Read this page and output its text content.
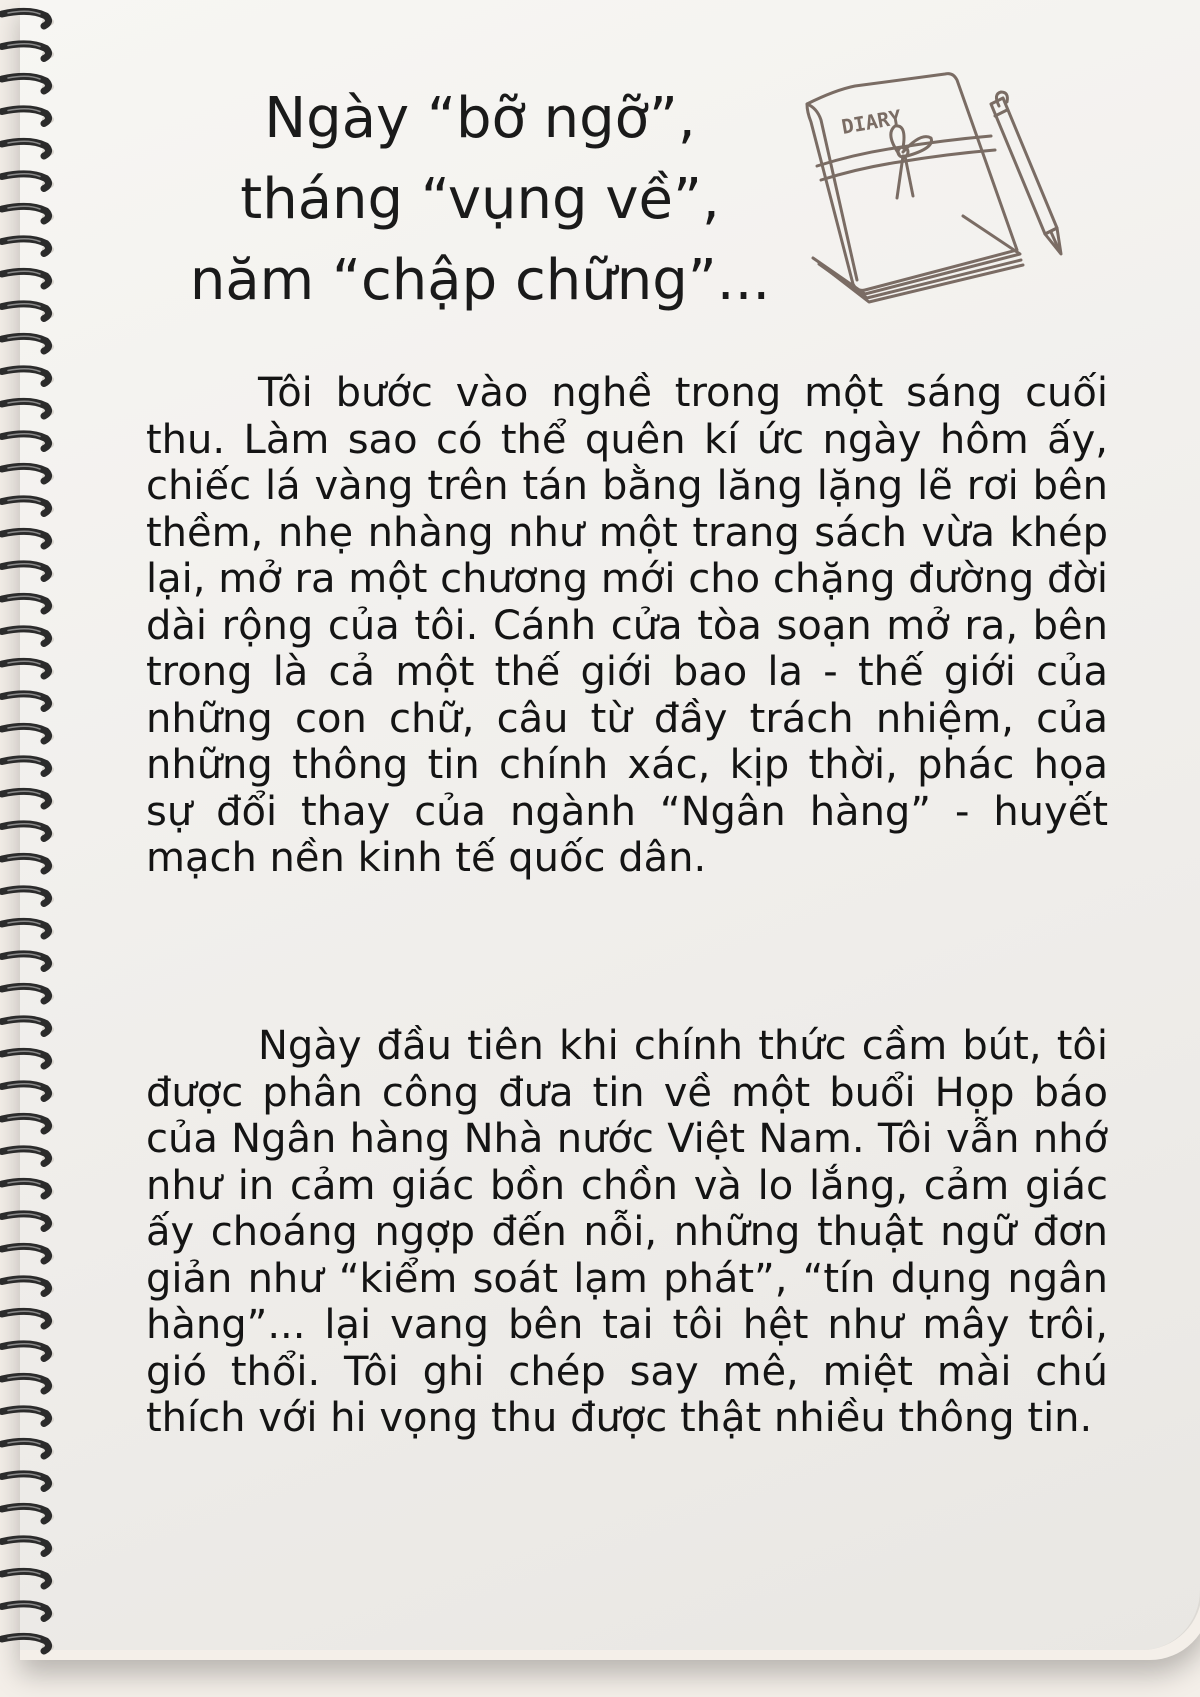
Ngày “bỡ ngỡ”,
tháng “vụng về”,
năm “chập chững”...
DIARY

Tôi bước vào nghề trong một sáng cuối thu. Làm sao có thể quên kí ức ngày hôm ấy, chiếc lá vàng trên tán bằng lăng lặng lẽ rơi bên thềm, nhẹ nhàng như một trang sách vừa khép lại, mở ra một chương mới cho chặng đường đời dài rộng của tôi. Cánh cửa tòa soạn mở ra, bên trong là cả một thế giới bao la - thế giới của những con chữ, câu từ đầy trách nhiệm, của những thông tin chính xác, kịp thời, phác họa sự đổi thay của ngành “Ngân hàng” - huyết mạch nền kinh tế quốc dân.

Ngày đầu tiên khi chính thức cầm bút, tôi được phân công đưa tin về một buổi Họp báo của Ngân hàng Nhà nước Việt Nam. Tôi vẫn nhớ như in cảm giác bồn chồn và lo lắng, cảm giác ấy choáng ngợp đến nỗi, những thuật ngữ đơn giản như “kiểm soát lạm phát”, “tín dụng ngân hàng”... lại vang bên tai tôi hệt như mây trôi, gió thổi. Tôi ghi chép say mê, miệt mài chú thích với hi vọng thu được thật nhiều thông tin.
